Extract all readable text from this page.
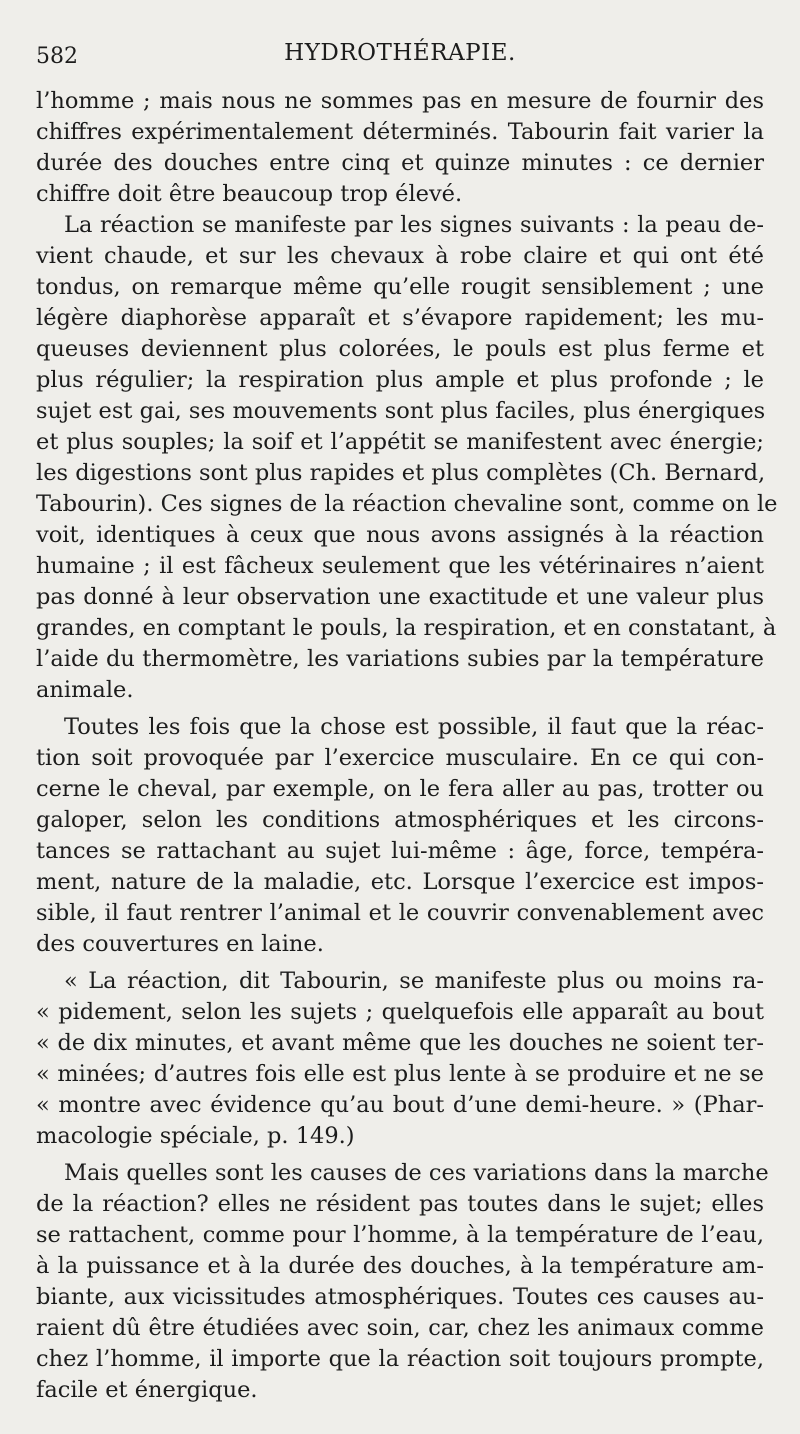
582	HYDROTHÉRAPIE.
l’homme ; mais nous ne sommes pas en mesure de fournir des
chiffres expérimentalement déterminés. Tabourin fait varier la
durée des douches entre cinq et quinze minutes : ce dernier
chiffre doit être beaucoup trop élevé.
La réaction se manifeste par les signes suivants : la peau de-
vient chaude, et sur les chevaux à robe claire et qui ont été
tondus, on remarque même qu’elle rougit sensiblement ; une
légère diaphorèse apparaît et s’évapore rapidement; les mu-
queuses deviennent plus colorées, le pouls est plus ferme et
plus régulier; la respiration plus ample et plus profonde ; le
sujet est gai, ses mouvements sont plus faciles, plus énergiques
et plus souples; la soif et l’appétit se manifestent avec énergie;
les digestions sont plus rapides et plus complètes (Ch. Bernard,
Tabourin). Ces signes de la réaction chevaline sont, comme on le
voit, identiques à ceux que nous avons assignés à la réaction
humaine ; il est fâcheux seulement que les vétérinaires n’aient
pas donné à leur observation une exactitude et une valeur plus
grandes, en comptant le pouls, la respiration, et en constatant, à
l’aide du thermomètre, les variations subies par la température
animale.
Toutes les fois que la chose est possible, il faut que la réac-
tion soit provoquée par l’exercice musculaire. En ce qui con-
cerne le cheval, par exemple, on le fera aller au pas, trotter ou
galoper, selon les conditions atmosphériques et les circons-
tances se rattachant au sujet lui-même : âge, force, tempéra-
ment, nature de la maladie, etc. Lorsque l’exercice est impos-
sible, il faut rentrer l’animal et le couvrir convenablement avec
des couvertures en laine.
« La réaction, dit Tabourin, se manifeste plus ou moins ra-
« pidement, selon les sujets ; quelquefois elle apparaît au bout
« de dix minutes, et avant même que les douches ne soient ter-
« minées; d’autres fois elle est plus lente à se produire et ne se
« montre avec évidence qu’au bout d’une demi-heure. » (Phar-
macologie spéciale, p. 149.)
Mais quelles sont les causes de ces variations dans la marche
de la réaction? elles ne résident pas toutes dans le sujet; elles
se rattachent, comme pour l’homme, à la température de l’eau,
à la puissance et à la durée des douches, à la température am-
biante, aux vicissitudes atmosphériques. Toutes ces causes au-
raient dû être étudiées avec soin, car, chez les animaux comme
chez l’homme, il importe que la réaction soit toujours prompte,
facile et énergique.
